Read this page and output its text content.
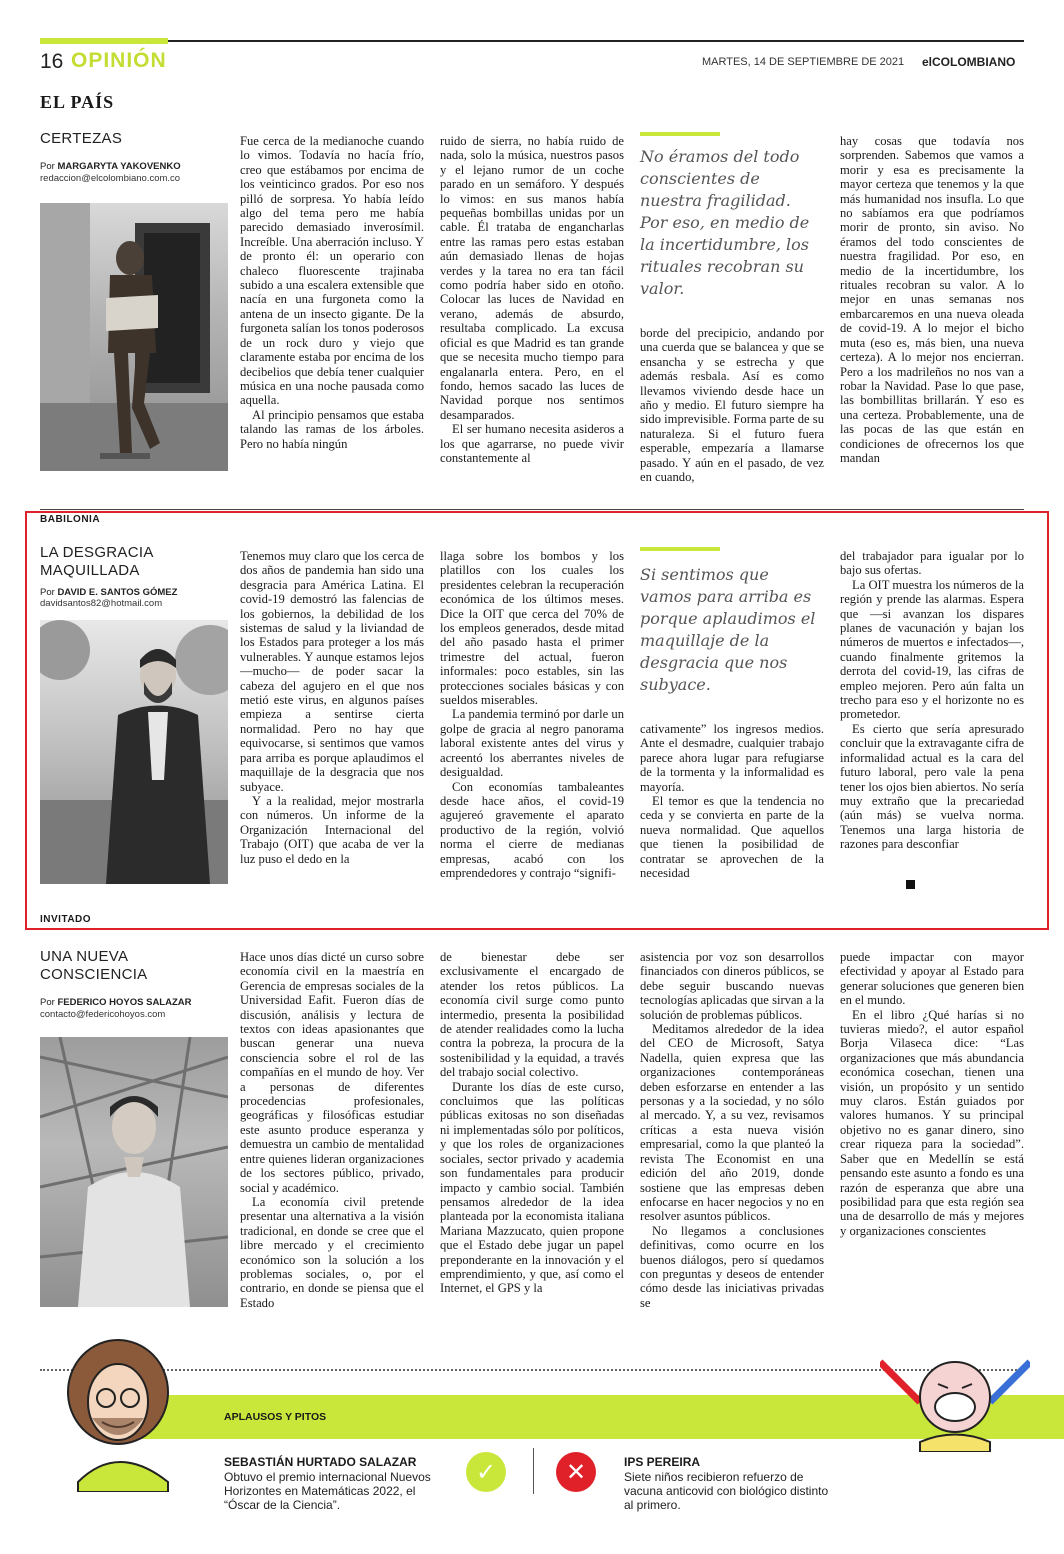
16 OPINIÓN	MARTES, 14 DE SEPTIEMBRE DE 2021 elCOLOMBIANO
EL PAÍS
CERTEZAS
Por MARGARYTA YAKOVENKO
redaccion@elcolombiano.com.co

Fue cerca de la medianoche cuando lo vimos. Todavía no hacía frío, creo que estábamos por encima de los veinticinco grados. Por eso nos pilló de sorpresa. Yo había leído algo del tema pero me había parecido demasiado inverosímil. Increíble. Una aberración incluso. Y de pronto él: un operario con chaleco fluorescente trajinaba subido a una escalera extensible que nacía en una furgoneta como la antena de un insecto gigante. De la furgoneta salían los tonos poderosos de un rock duro y viejo que claramente estaba por encima de los decibelios que debía tener cualquier música en una noche pausada como aquella.

Al principio pensamos que estaba talando las ramas de los árboles. Pero no había ningún

ruido de sierra, no había ruido de nada, solo la música, nuestros pasos y el lejano rumor de un coche parado en un semáforo. Y después lo vimos: en sus manos había pequeñas bombillas unidas por un cable. Él trataba de engancharlas entre las ramas pero estas estaban aún demasiado llenas de hojas verdes y la tarea no era tan fácil como podría haber sido en otoño. Colocar las luces de Navidad en verano, además de absurdo, resultaba complicado. La excusa oficial es que Madrid es tan grande que se necesita mucho tiempo para engalanarla entera. Pero, en el fondo, hemos sacado las luces de Navidad porque nos sentimos desamparados.

El ser humano necesita asideros a los que agarrarse, no puede vivir constantemente al

No éramos del todo conscientes de nuestra fragilidad. Por eso, en medio de la incertidumbre, los rituales recobran su valor.

borde del precipicio, andando por una cuerda que se balancea y que se ensancha y se estrecha y que además resbala. Así es como llevamos viviendo desde hace un año y medio. El futuro siempre ha sido imprevisible. Forma parte de su naturaleza. Si el futuro fuera esperable, empezaría a llamarse pasado. Y aún en el pasado, de vez en cuando,

hay cosas que todavía nos sorprenden. Sabemos que vamos a morir y esa es precisamente la mayor certeza que tenemos y la que más humanidad nos insufla. Lo que no sabíamos era que podríamos morir de pronto, sin aviso. No éramos del todo conscientes de nuestra fragilidad. Por eso, en medio de la incertidumbre, los rituales recobran su valor. A lo mejor en unas semanas nos embarcaremos en una nueva oleada de covid-19. A lo mejor el bicho muta (eso es, más bien, una nueva certeza). A lo mejor nos encierran. Pero a los madrileños no nos van a robar la Navidad. Pase lo que pase, las bombillitas brillarán. Y eso es una certeza. Probablemente, una de las pocas de las que están en condiciones de ofrecernos los que mandan

BABILONIA
LA DESGRACIA MAQUILLADA
Por DAVID E. SANTOS GÓMEZ
davidsantos82@hotmail.com

Tenemos muy claro que los cerca de dos años de pandemia han sido una desgracia para América Latina. El covid-19 demostró las falencias de los gobiernos, la debilidad de los sistemas de salud y la liviandad de los Estados para proteger a los más vulnerables. Y aunque estamos lejos —mucho— de poder sacar la cabeza del agujero en el que nos metió este virus, en algunos países empieza a sentirse cierta normalidad. Pero no hay que equivocarse, si sentimos que vamos para arriba es porque aplaudimos el maquillaje de la desgracia que nos subyace.

Y a la realidad, mejor mostrarla con números. Un informe de la Organización Internacional del Trabajo (OIT) que acaba de ver la luz puso el dedo en la

llaga sobre los bombos y los platillos con los cuales los presidentes celebran la recuperación económica de los últimos meses. Dice la OIT que cerca del 70% de los empleos generados, desde mitad del año pasado hasta el primer trimestre del actual, fueron informales: poco estables, sin las protecciones sociales básicas y con sueldos miserables.

La pandemia terminó por darle un golpe de gracia al negro panorama laboral existente antes del virus y acreentó los aberrantes niveles de desigualdad.

Con economías tambaleantes desde hace años, el covid-19 agujereó gravemente el aparato productivo de la región, volvió norma el cierre de medianas empresas, acabó con los emprendedores y contrajo “signifi-

Si sentimos que vamos para arriba es porque aplaudimos el maquillaje de la desgracia que nos subyace.

cativamente” los ingresos medios. Ante el desmadre, cualquier trabajo parece ahora lugar para refugiarse de la tormenta y la informalidad es mayoría.

El temor es que la tendencia no ceda y se convierta en parte de la nueva normalidad. Que aquellos que tienen la posibilidad de contratar se aprovechen de la necesidad

del trabajador para igualar por lo bajo sus ofertas.

La OIT muestra los números de la región y prende las alarmas. Espera que —si avanzan los dispares planes de vacunación y bajan los números de muertos e infectados—, cuando finalmente gritemos la derrota del covid-19, las cifras de empleo mejoren. Pero aún falta un trecho para eso y el horizonte no es prometedor.

Es cierto que sería apresurado concluir que la extravagante cifra de informalidad actual es la cara del futuro laboral, pero vale la pena tener los ojos bien abiertos. No sería muy extraño que la precariedad (aún más) se vuelva norma. Tenemos una larga historia de razones para desconfiar

INVITADO
UNA NUEVA CONSCIENCIA
Por FEDERICO HOYOS SALAZAR
contacto@federicohoyos.com

Hace unos días dicté un curso sobre economía civil en la maestría en Gerencia de empresas sociales de la Universidad Eafit. Fueron días de discusión, análisis y lectura de textos con ideas apasionantes que buscan generar una nueva consciencia sobre el rol de las compañías en el mundo de hoy. Ver a personas de diferentes procedencias profesionales, geográficas y filosóficas estudiar este asunto produce esperanza y demuestra un cambio de mentalidad entre quienes lideran organizaciones de los sectores público, privado, social y académico.

La economía civil pretende presentar una alternativa a la visión tradicional, en donde se cree que el libre mercado y el crecimiento económico son la solución a los problemas sociales, o, por el contrario, en donde se piensa que el Estado

de bienestar debe ser exclusivamente el encargado de atender los retos públicos. La economía civil surge como punto intermedio, presenta la posibilidad de atender realidades como la lucha contra la pobreza, la procura de la sostenibilidad y la equidad, a través del trabajo social colectivo.

Durante los días de este curso, concluimos que las políticas públicas exitosas no son diseñadas ni implementadas sólo por políticos, y que los roles de organizaciones sociales, sector privado y academia son fundamentales para producir impacto y cambio social. También pensamos alrededor de la idea planteada por la economista italiana Mariana Mazzucato, quien propone que el Estado debe jugar un papel preponderante en la innovación y el emprendimiento, y que, así como el Internet, el GPS y la

asistencia por voz son desarrollos financiados con dineros públicos, se debe seguir buscando nuevas tecnologías aplicadas que sirvan a la solución de problemas públicos.

Meditamos alrededor de la idea del CEO de Microsoft, Satya Nadella, quien expresa que las organizaciones contemporáneas deben esforzarse en entender a las personas y a la sociedad, y no sólo al mercado. Y, a su vez, revisamos críticas a esta nueva visión empresarial, como la que planteó la revista The Economist en una edición del año 2019, donde sostiene que las empresas deben enfocarse en hacer negocios y no en resolver asuntos públicos.

No llegamos a conclusiones definitivas, como ocurre en los buenos diálogos, pero sí quedamos con preguntas y deseos de entender cómo desde las iniciativas privadas se

puede impactar con mayor efectividad y apoyar al Estado para generar soluciones que generen bien en el mundo.

En el libro ¿Qué harías si no tuvieras miedo?, el autor español Borja Vilaseca dice: “Las organizaciones que más abundancia económica cosechan, tienen una visión, un propósito y un sentido muy claros. Están guiados por valores humanos. Y su principal objetivo no es ganar dinero, sino crear riqueza para la sociedad”. Saber que en Medellín se está pensando este asunto a fondo es una razón de esperanza que abre una posibilidad para que esta región sea una de desarrollo de más y mejores y organizaciones conscientes

APLAUSOS Y PITOS
SEBASTIÁN HURTADO SALAZAR
Obtuvo el premio internacional Nuevos Horizontes en Matemáticas 2022, el “Óscar de la Ciencia”.
✓	✕	IPS PEREIRA
Siete niños recibieron refuerzo de vacuna anticovid con biológico distinto al primero.
